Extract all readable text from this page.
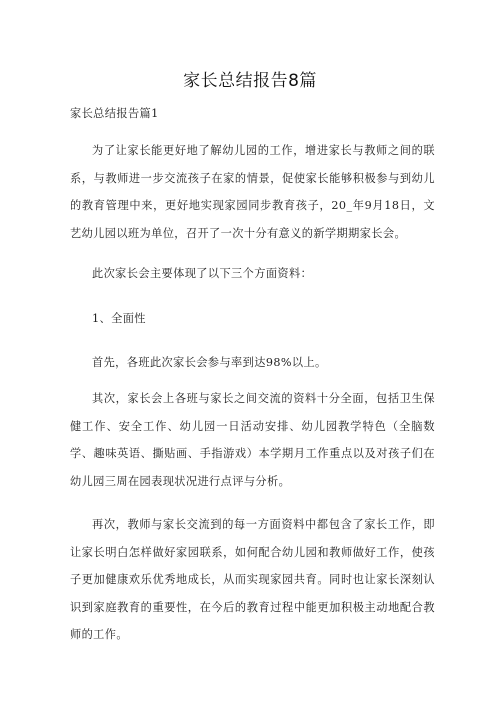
家长总结报告8篇

家长总结报告篇1

为了让家长能更好地了解幼儿园的工作，增进家长与教师之间的联系，与教师进一步交流孩子在家的情景，促使家长能够积极参与到幼儿的教育管理中来，更好地实现家园同步教育孩子，20_年9月18日，文艺幼儿园以班为单位，召开了一次十分有意义的新学期期家长会。

此次家长会主要体现了以下三个方面资料：

1、全面性

首先，各班此次家长会参与率到达98%以上。

其次，家长会上各班与家长之间交流的资料十分全面，包括卫生保健工作、安全工作、幼儿园一日活动安排、幼儿园教学特色（全脑数学、趣味英语、撕贴画、手指游戏）本学期月工作重点以及对孩子们在幼儿园三周在园表现状况进行点评与分析。

再次，教师与家长交流到的每一方面资料中都包含了家长工作，即让家长明白怎样做好家园联系，如何配合幼儿园和教师做好工作，使孩子更加健康欢乐优秀地成长，从而实现家园共育。同时也让家长深刻认识到家庭教育的重要性，在今后的教育过程中能更加积极主动地配合教师的工作。
